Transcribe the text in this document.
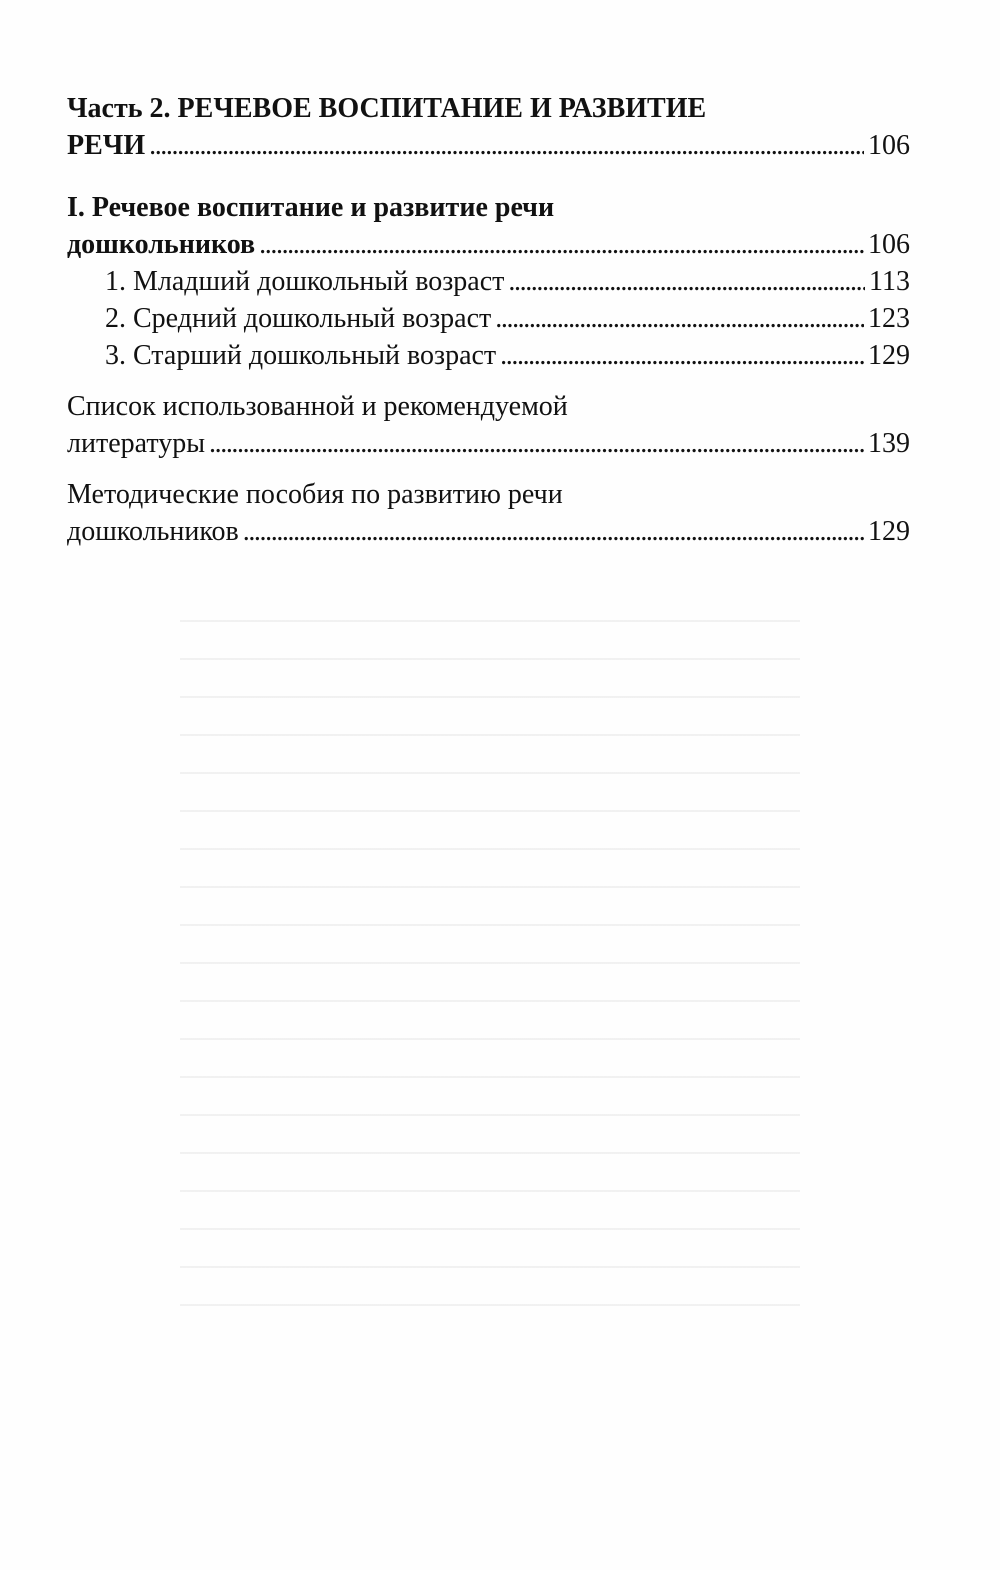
Часть 2. РЕЧЕВОЕ ВОСПИТАНИЕ И РАЗВИТИЕ
РЕЧИ . . .	106
I. Речевое воспитание и развитие речи
дошкольников . . .	106
1. Младший дошкольный возраст . . .	113
2. Средний дошкольный возраст . . .	123
3. Старший дошкольный возраст . . .	129
Список использованной и рекомендуемой
литературы . . .	139
Методические пособия по развитию речи
дошкольников . . .	129
